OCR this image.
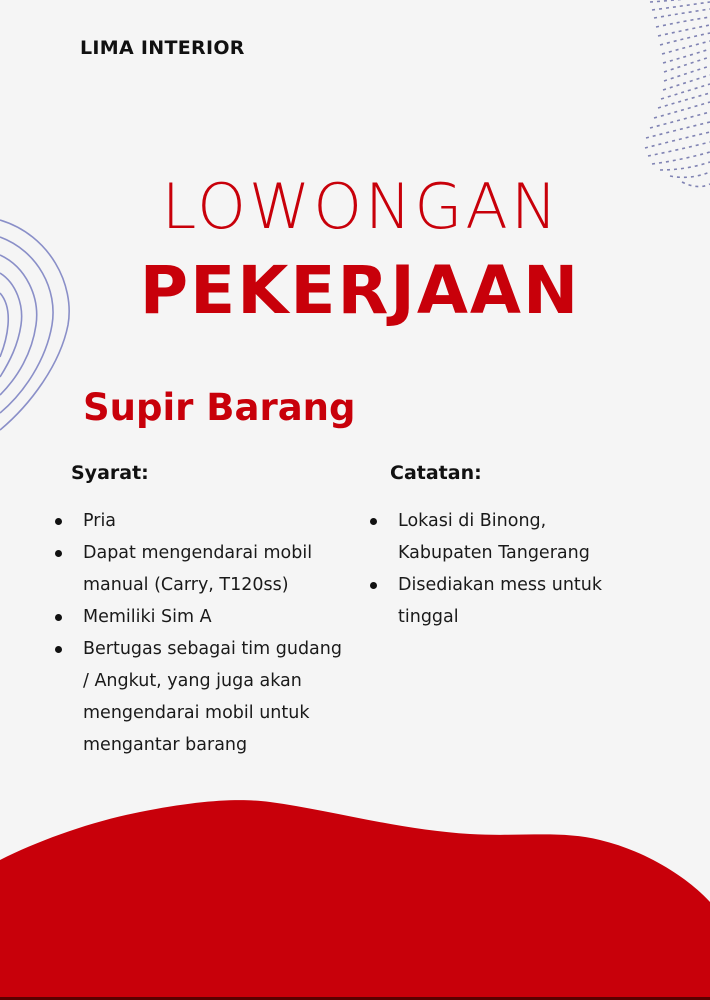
LIMA INTERIOR
LOWONGAN
PEKERJAAN
Supir Barang
Syarat:
Pria
Dapat mengendarai mobil manual (Carry, T120ss)
Memiliki Sim A
Bertugas sebagai tim gudang / Angkut, yang juga akan mengendarai mobil untuk mengantar barang
Catatan:
Lokasi di Binong, Kabupaten Tangerang
Disediakan mess untuk tinggal
